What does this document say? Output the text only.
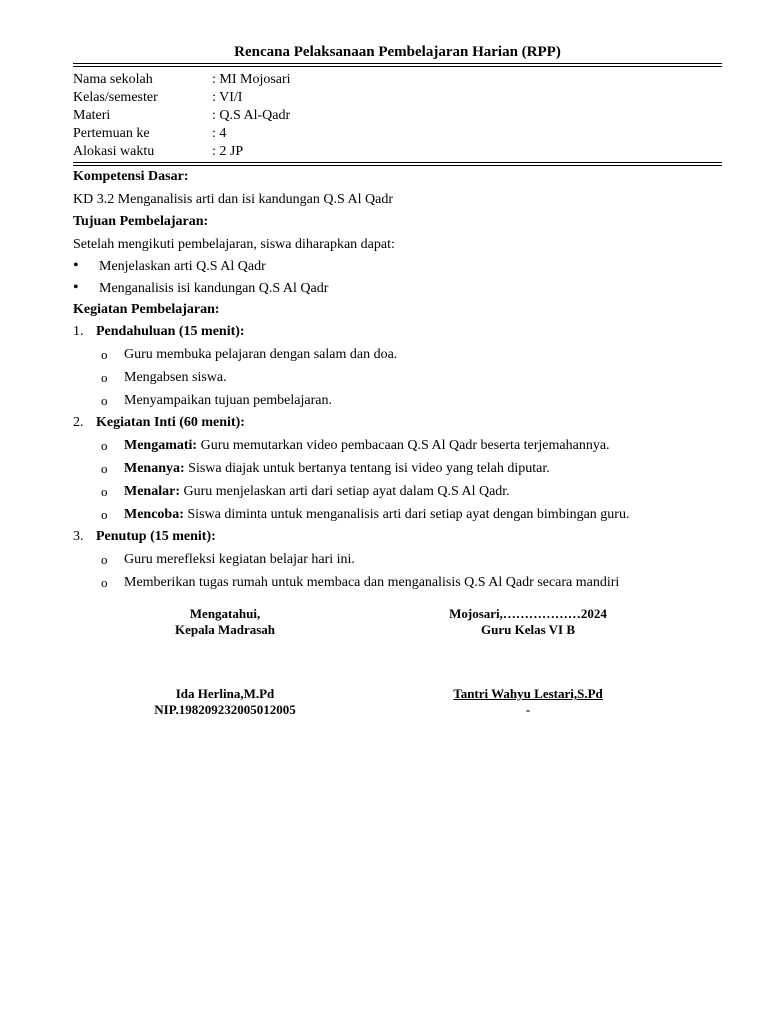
Rencana Pelaksanaan Pembelajaran Harian (RPP)
Nama sekolah	: MI Mojosari
Kelas/semester	: VI/I
Materi	: Q.S Al-Qadr
Pertemuan ke	: 4
Alokasi waktu	: 2 JP
Kompetensi Dasar:
KD 3.2 Menganalisis arti dan isi kandungan Q.S Al Qadr
Tujuan Pembelajaran:
Setelah mengikuti pembelajaran, siswa diharapkan dapat:
•	Menjelaskan arti Q.S Al Qadr
•	Menganalisis isi kandungan Q.S Al Qadr
Kegiatan Pembelajaran:
1. Pendahuluan (15 menit):
o	Guru membuka pelajaran dengan salam dan doa.
o	Mengabsen siswa.
o	Menyampaikan tujuan pembelajaran.
2. Kegiatan Inti (60 menit):
o	Mengamati: Guru memutarkan video pembacaan Q.S Al Qadr beserta terjemahannya.
o	Menanya: Siswa diajak untuk bertanya tentang isi video yang telah diputar.
o	Menalar: Guru menjelaskan arti dari setiap ayat dalam Q.S Al Qadr.
o	Mencoba: Siswa diminta untuk menganalisis arti dari setiap ayat dengan bimbingan guru.
3. Penutup (15 menit):
o	Guru merefleksi kegiatan belajar hari ini.
o	Memberikan tugas rumah untuk membaca dan menganalisis Q.S Al Qadr secara mandiri
Mengatahui,
Kepala Madrasah
Ida Herlina,M.Pd
NIP.198209232005012005
Mojosari,………………2024
Guru Kelas VI B
Tantri Wahyu Lestari,S.Pd
-
